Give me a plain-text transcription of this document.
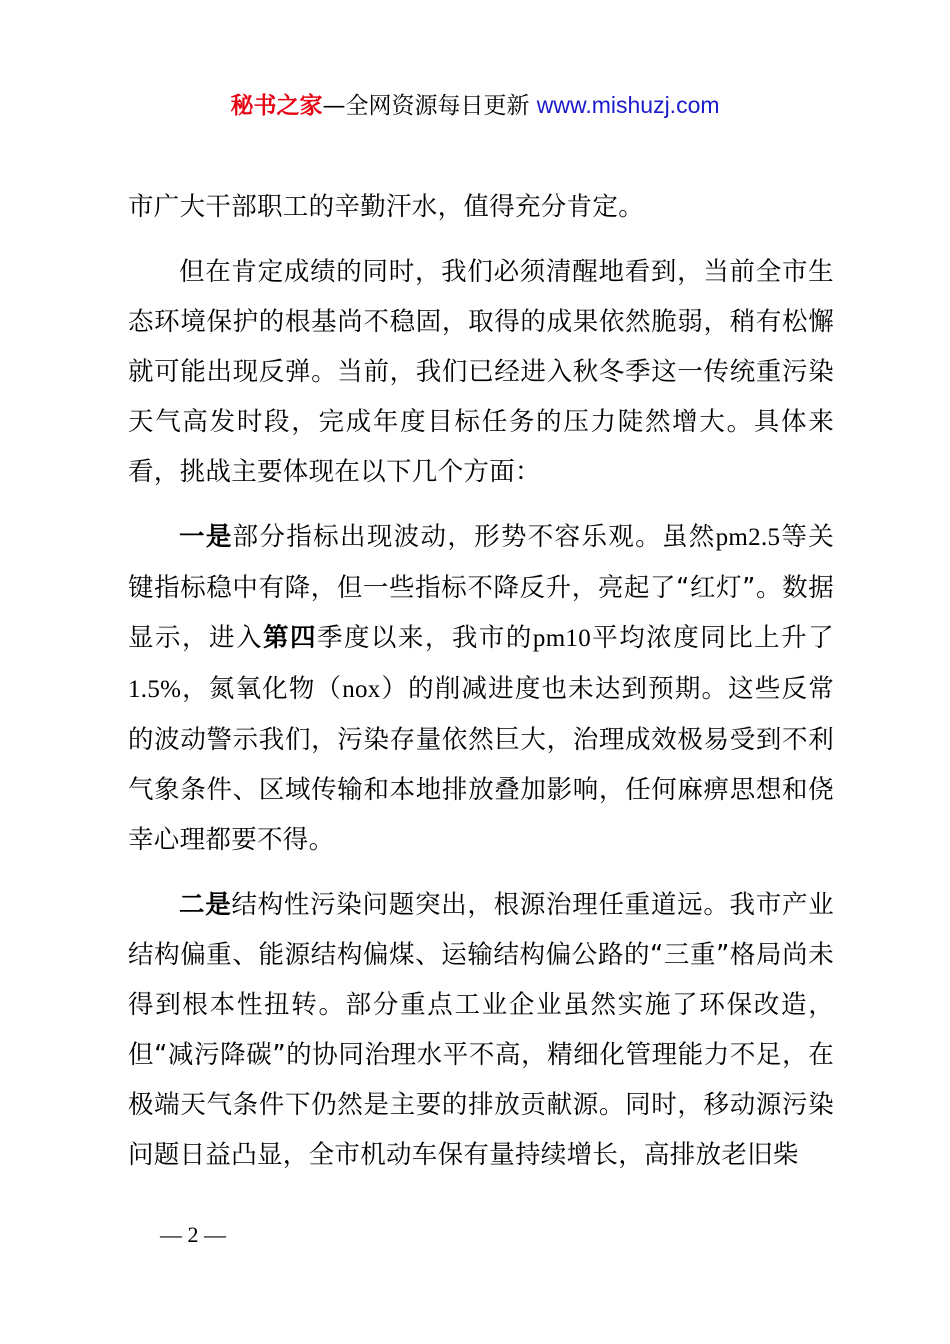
秘书之家—全网资源每日更新 www.mishuzj.com

市广大干部职工的辛勤汗水，值得充分肯定。

但在肯定成绩的同时，我们必须清醒地看到，当前全市生态环境保护的根基尚不稳固，取得的成果依然脆弱，稍有松懈就可能出现反弹。当前，我们已经进入秋冬季这一传统重污染天气高发时段，完成年度目标任务的压力陡然增大。具体来看，挑战主要体现在以下几个方面：

一是部分指标出现波动，形势不容乐观。虽然pm2.5等关键指标稳中有降，但一些指标不降反升，亮起了“红灯”。数据显示，进入第四季度以来，我市的pm10平均浓度同比上升了1.5%，氮氧化物（nox）的削减进度也未达到预期。这些反常的波动警示我们，污染存量依然巨大，治理成效极易受到不利气象条件、区域传输和本地排放叠加影响，任何麻痹思想和侥幸心理都要不得。

二是结构性污染问题突出，根源治理任重道远。我市产业结构偏重、能源结构偏煤、运输结构偏公路的“三重”格局尚未得到根本性扭转。部分重点工业企业虽然实施了环保改造，但“减污降碳”的协同治理水平不高，精细化管理能力不足，在极端天气条件下仍然是主要的排放贡献源。同时，移动源污染问题日益凸显，全市机动车保有量持续增长，高排放老旧柴

— 2 —
